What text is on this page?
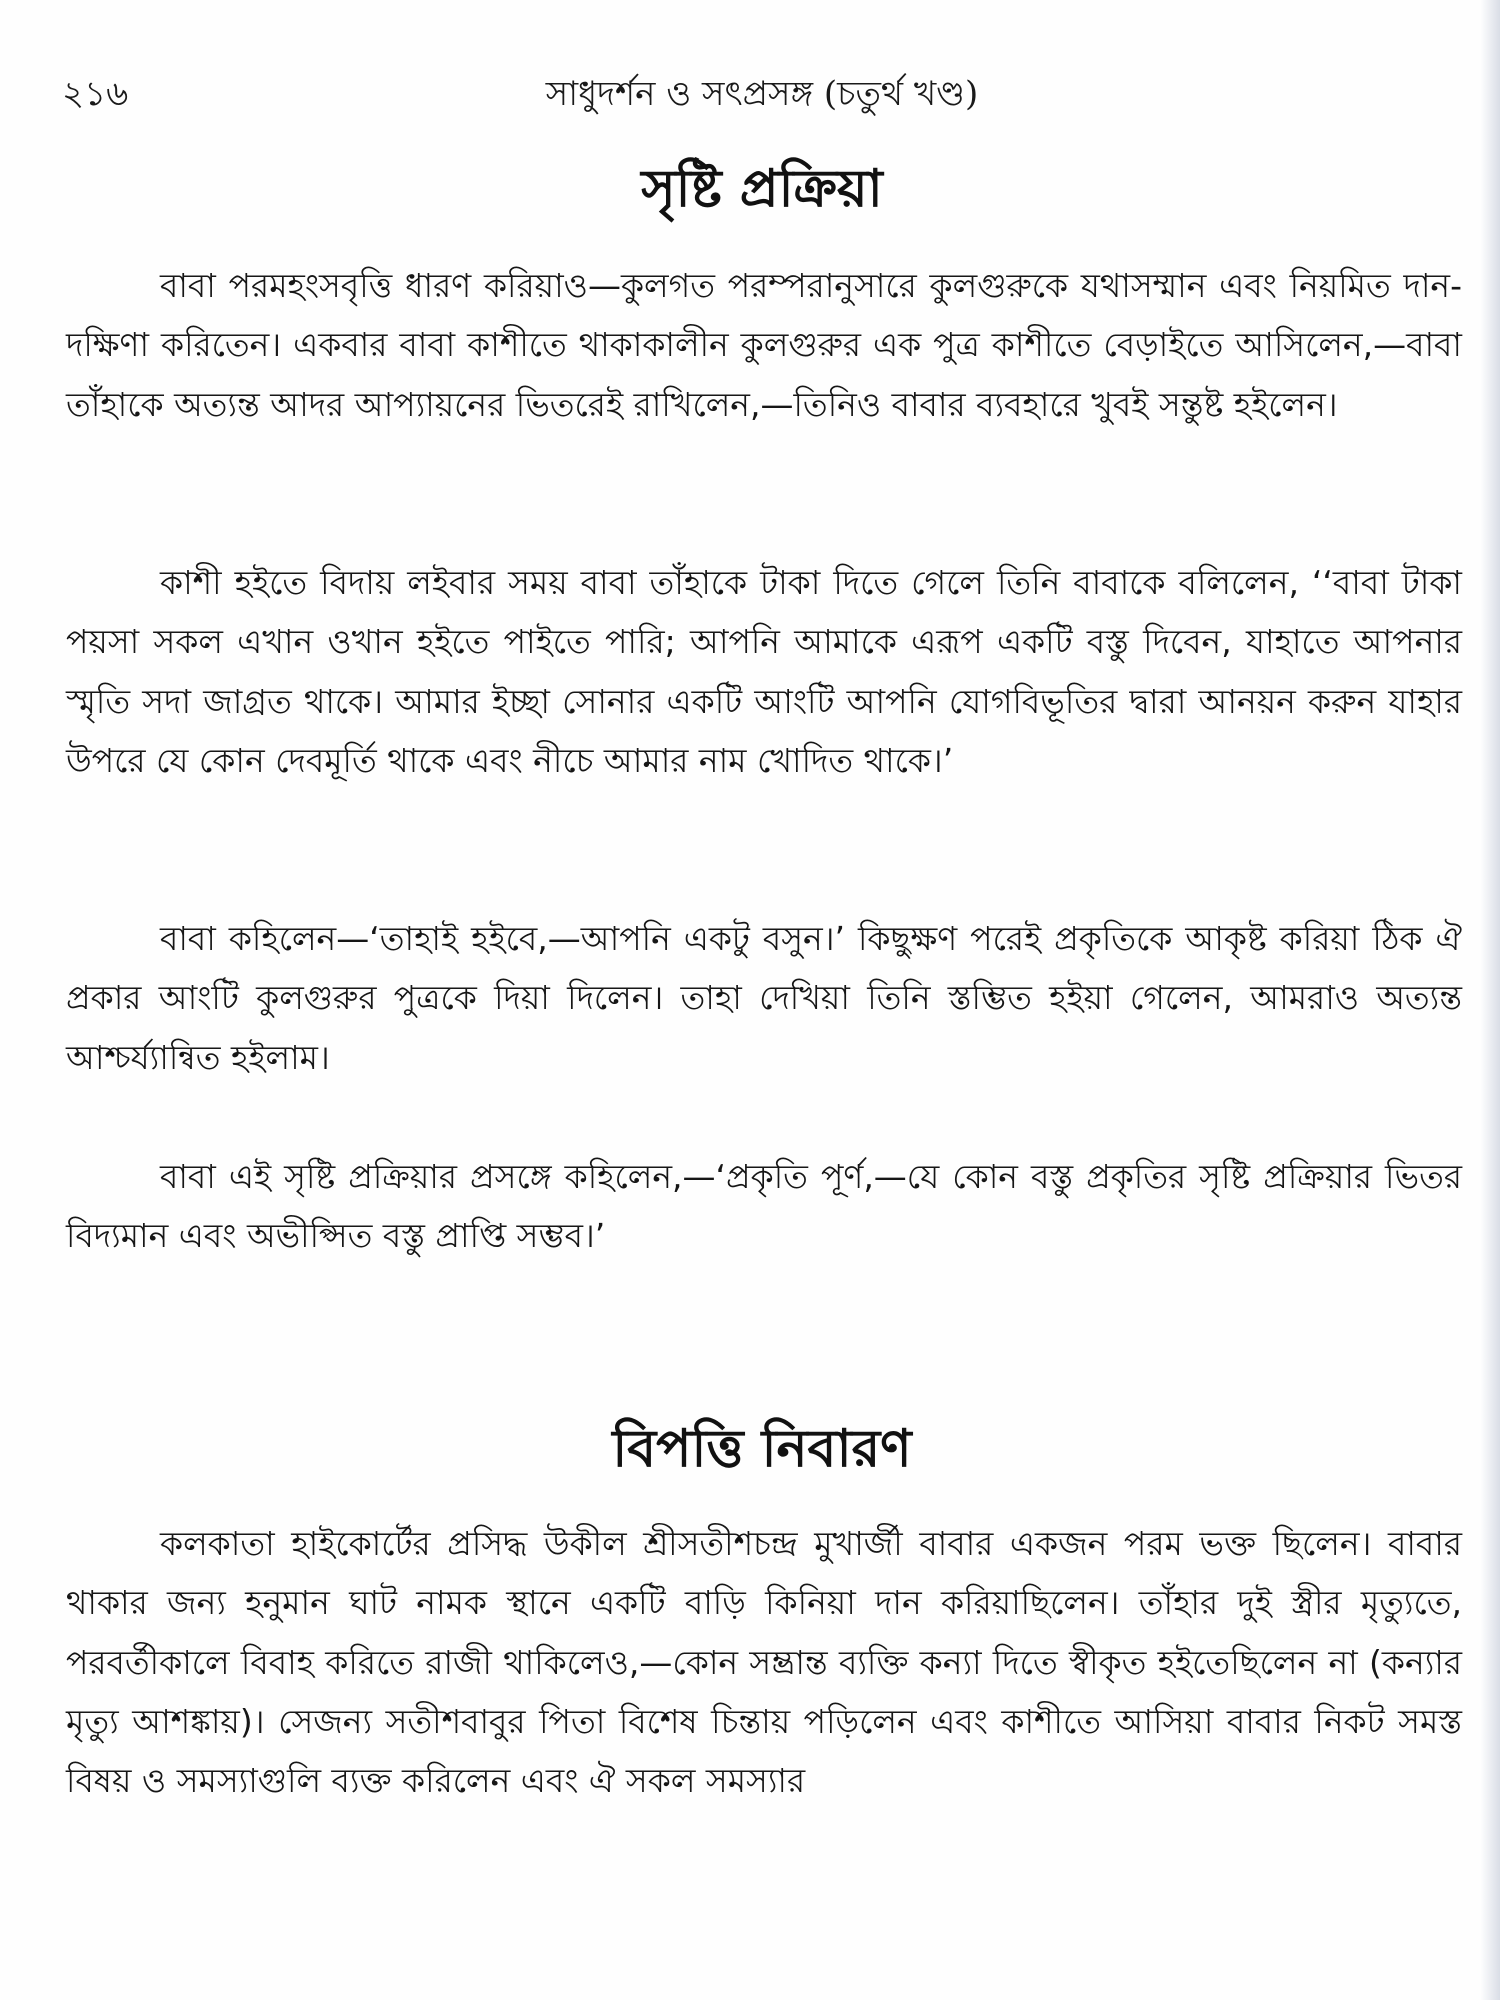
২১৬	সাধুদর্শন ও সৎপ্রসঙ্গ (চতুর্থ খণ্ড)
সৃষ্টি প্রক্রিয়া

বাবা পরমহংসবৃত্তি ধারণ করিয়াও—কুলগত পরম্পরানুসারে কুলগুরুকে যথাসম্মান এবং নিয়মিত দান-দক্ষিণা করিতেন। একবার বাবা কাশীতে থাকাকালীন কুলগুরুর এক পুত্র কাশীতে বেড়াইতে আসিলেন,—বাবা তাঁহাকে অত্যন্ত আদর আপ্যায়নের ভিতরেই রাখিলেন,—তিনিও বাবার ব্যবহারে খুবই সন্তুষ্ট হইলেন।

কাশী হইতে বিদায় লইবার সময় বাবা তাঁহাকে টাকা দিতে গেলে তিনি বাবাকে বলিলেন, ‘‘বাবা টাকা পয়সা সকল এখান ওখান হইতে পাইতে পারি; আপনি আমাকে এরূপ একটি বস্তু দিবেন, যাহাতে আপনার স্মৃতি সদা জাগ্রত থাকে। আমার ইচ্ছা সোনার একটি আংটি আপনি যোগবিভূতির দ্বারা আনয়ন করুন যাহার উপরে যে কোন দেবমূর্তি থাকে এবং নীচে আমার নাম খোদিত থাকে।’

বাবা কহিলেন—‘তাহাই হইবে,—আপনি একটু বসুন।’ কিছুক্ষণ পরেই প্রকৃতিকে আকৃষ্ট করিয়া ঠিক ঐ প্রকার আংটি কুলগুরুর পুত্রকে দিয়া দিলেন। তাহা দেখিয়া তিনি স্তম্ভিত হইয়া গেলেন, আমরাও অত্যন্ত আশ্চর্য্যান্বিত হইলাম।

বাবা এই সৃষ্টি প্রক্রিয়ার প্রসঙ্গে কহিলেন,—‘প্রকৃতি পূর্ণ,—যে কোন বস্তু প্রকৃতির সৃষ্টি প্রক্রিয়ার ভিতর বিদ্যমান এবং অভীপ্সিত বস্তু প্রাপ্তি সম্ভব।’

বিপত্তি নিবারণ

কলকাতা হাইকোর্টের প্রসিদ্ধ উকীল শ্রীসতীশচন্দ্র মুখার্জী বাবার একজন পরম ভক্ত ছিলেন। বাবার থাকার জন্য হনুমান ঘাট নামক স্থানে একটি বাড়ি কিনিয়া দান করিয়াছিলেন। তাঁহার দুই স্ত্রীর মৃত্যুতে, পরবর্তীকালে বিবাহ করিতে রাজী থাকিলেও,—কোন সম্ভ্রান্ত ব্যক্তি কন্যা দিতে স্বীকৃত হইতেছিলেন না (কন্যার মৃত্যু আশঙ্কায়)। সেজন্য সতীশবাবুর পিতা বিশেষ চিন্তায় পড়িলেন এবং কাশীতে আসিয়া বাবার নিকট সমস্ত বিষয় ও সমস্যাগুলি ব্যক্ত করিলেন এবং ঐ সকল সমস্যার
